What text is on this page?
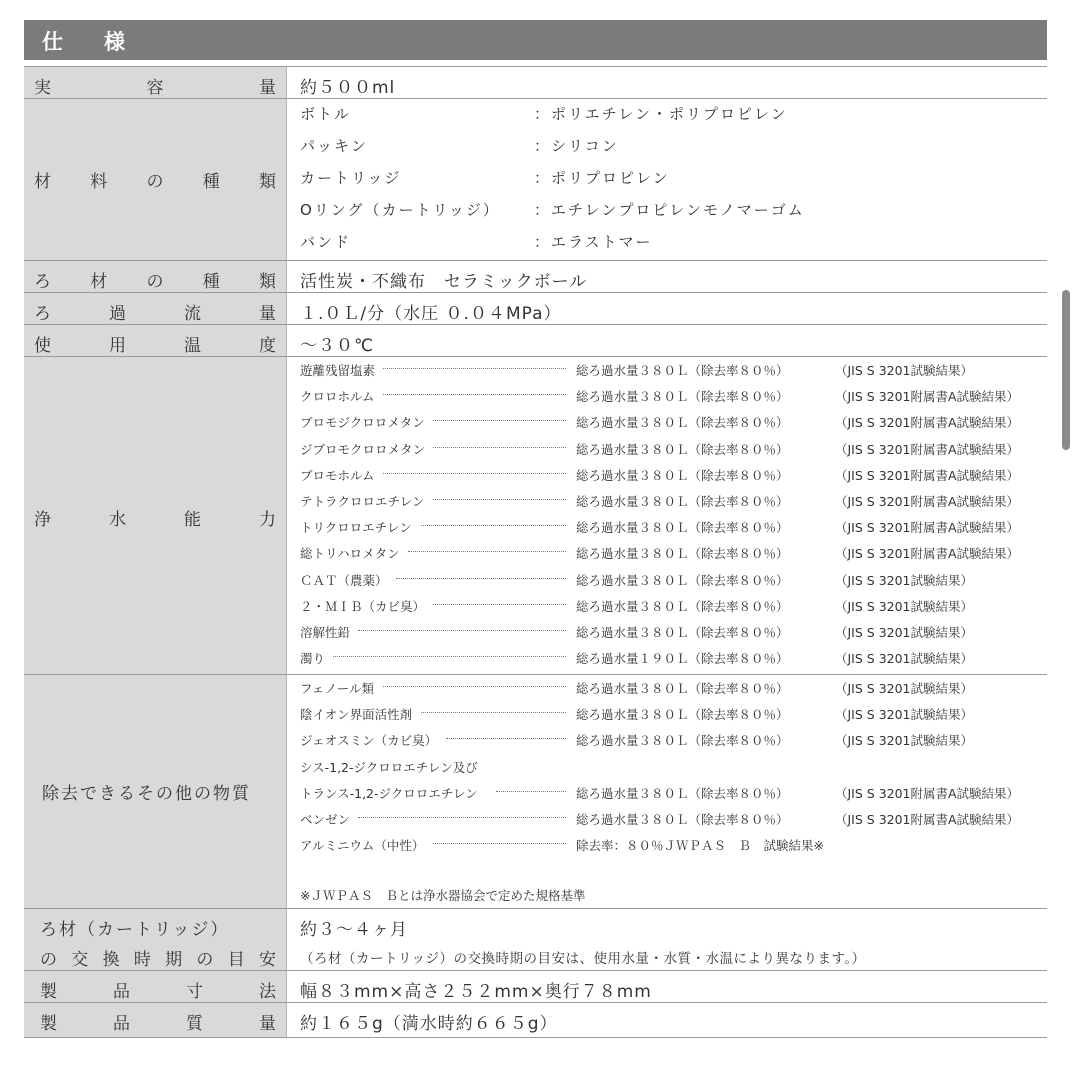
仕　様
実	容	量 約５００ml
材 料 の 種 類
ボトル	：ポリエチレン・ポリプロピレン
パッキン	：シリコン
カートリッジ	：ポリプロピレン
Oリング（カートリッジ） ：エチレンプロピレンモノマーゴム
バンド	：エラストマー
ろ 材 の 種 類 活性炭・不織布　セラミックボール
ろ	過	流	量 １.０Ｌ/分（水圧 ０.０４MPa）
使	用	温	度 ～３０℃
浄	水	能	力
遊離残留塩素	総ろ過水量３８０Ｌ（除去率８０％）	（JIS S 3201試験結果）
クロロホルム	総ろ過水量３８０Ｌ（除去率８０％）	（JIS S 3201附属書A試験結果）
ブロモジクロロメタン	総ろ過水量３８０Ｌ（除去率８０％）	（JIS S 3201附属書A試験結果）
ジブロモクロロメタン	総ろ過水量３８０Ｌ（除去率８０％）	（JIS S 3201附属書A試験結果）
ブロモホルム	総ろ過水量３８０Ｌ（除去率８０％）	（JIS S 3201附属書A試験結果）
テトラクロロエチレン	総ろ過水量３８０Ｌ（除去率８０％）	（JIS S 3201附属書A試験結果）
トリクロロエチレン	総ろ過水量３８０Ｌ（除去率８０％）	（JIS S 3201附属書A試験結果）
総トリハロメタン	総ろ過水量３８０Ｌ（除去率８０％）	（JIS S 3201附属書A試験結果）
ＣＡＴ（農薬）	総ろ過水量３８０Ｌ（除去率８０％）	（JIS S 3201試験結果）
２・ＭＩＢ（カビ臭）	総ろ過水量３８０Ｌ（除去率８０％）	（JIS S 3201試験結果）
溶解性鉛	総ろ過水量３８０Ｌ（除去率８０％）	（JIS S 3201試験結果）
濁り	総ろ過水量１９０Ｌ（除去率８０％）	（JIS S 3201試験結果）
除去できるその他の物質
フェノール類	総ろ過水量３８０Ｌ（除去率８０％）	（JIS S 3201試験結果）
陰イオン界面活性剤	総ろ過水量３８０Ｌ（除去率８０％）	（JIS S 3201試験結果）
ジェオスミン（カビ臭）	総ろ過水量３８０Ｌ（除去率８０％）	（JIS S 3201試験結果）
シス-1,2-ジクロロエチレン及び
トランス-1,2-ジクロロエチレン	総ろ過水量３８０Ｌ（除去率８０％）	（JIS S 3201附属書A試験結果）
ベンゼン	総ろ過水量３８０Ｌ（除去率８０％）	（JIS S 3201附属書A試験結果）
アルミニウム（中性）	除去率：８０％ＪＷＰＡＳ　Ｂ　試験結果※
※ＪＷＰＡＳ　Ｂとは浄水器協会で定めた規格基準
ろ材（カートリッジ）
の 交 換 時 期 の 目 安
約３～４ヶ月
（ろ材（カートリッジ）の交換時期の目安は、使用水量・水質・水温により異なります。）
製	品	寸	法 幅８３mm×高さ２５２mm×奥行７８mm
製	品	質	量 約１６５g（満水時約６６５g）
